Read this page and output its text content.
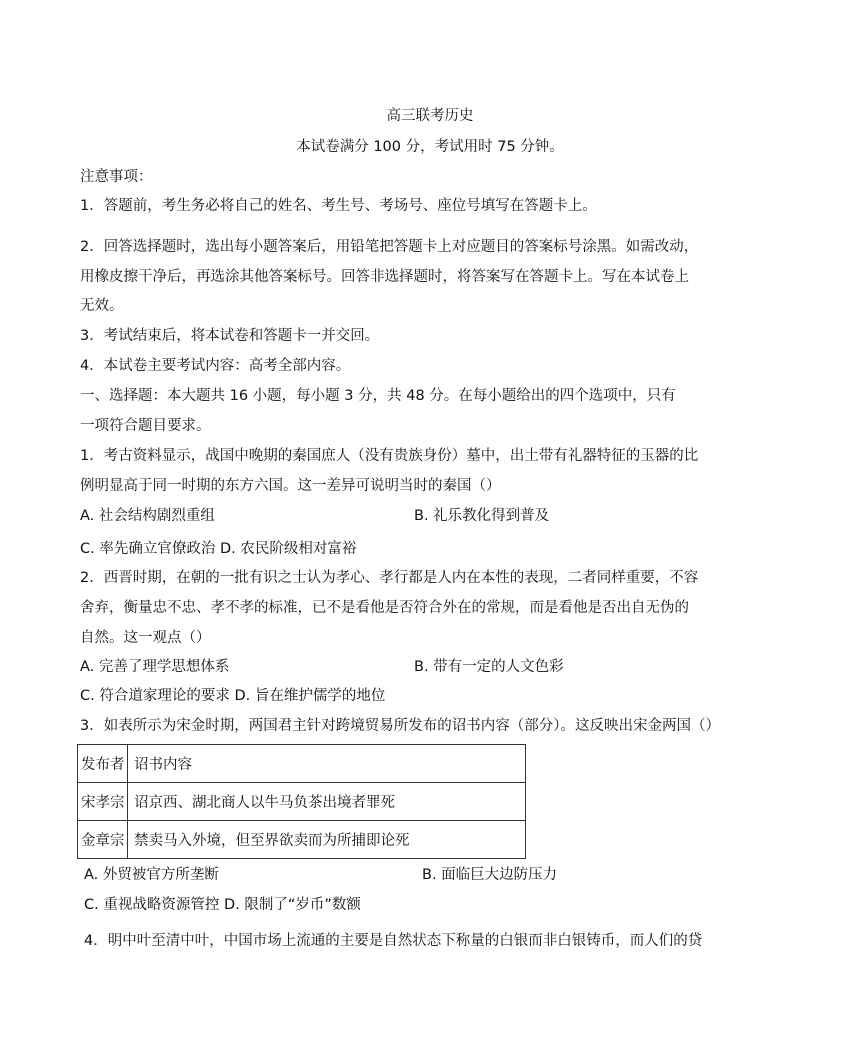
高三联考历史
本试卷满分 100 分，考试用时 75 分钟。
注意事项：
1．答题前，考生务必将自己的姓名、考生号、考场号、座位号填写在答题卡上。
2．回答选择题时，选出每小题答案后，用铅笔把答题卡上对应题目的答案标号涂黑。如需改动，
用橡皮擦干净后，再选涂其他答案标号。回答非选择题时，将答案写在答题卡上。写在本试卷上
无效。
3．考试结束后，将本试卷和答题卡一并交回。
4．本试卷主要考试内容：高考全部内容。
一、选择题：本大题共 16 小题，每小题 3 分，共 48 分。在每小题给出的四个选项中，只有
一项符合题目要求。
1．考古资料显示，战国中晚期的秦国庶人（没有贵族身份）墓中，出土带有礼器特征的玉器的比
例明显高于同一时期的东方六国。这一差异可说明当时的秦国（）
A. 社会结构剧烈重组	B. 礼乐教化得到普及
C. 率先确立官僚政治 D. 农民阶级相对富裕
2．西晋时期，在朝的一批有识之士认为孝心、孝行都是人内在本性的表现，二者同样重要，不容
舍弃，衡量忠不忠、孝不孝的标准，已不是看他是否符合外在的常规，而是看他是否出自无伪的
自然。这一观点（）
A. 完善了理学思想体系	B. 带有一定的人文色彩
C. 符合道家理论的要求 D. 旨在维护儒学的地位
3．如表所示为宋金时期，两国君主针对跨境贸易所发布的诏书内容（部分）。这反映出宋金两国（）
发布者	诏书内容
宋孝宗	诏京西、湖北商人以牛马负茶出境者罪死
金章宗	禁卖马入外境，但至界欲卖而为所捕即论死
A. 外贸被官方所垄断	B. 面临巨大边防压力
C. 重视战略资源管控 D. 限制了“岁币”数额
4．明中叶至清中叶，中国市场上流通的主要是自然状态下称量的白银而非白银铸币，而人们的贷
